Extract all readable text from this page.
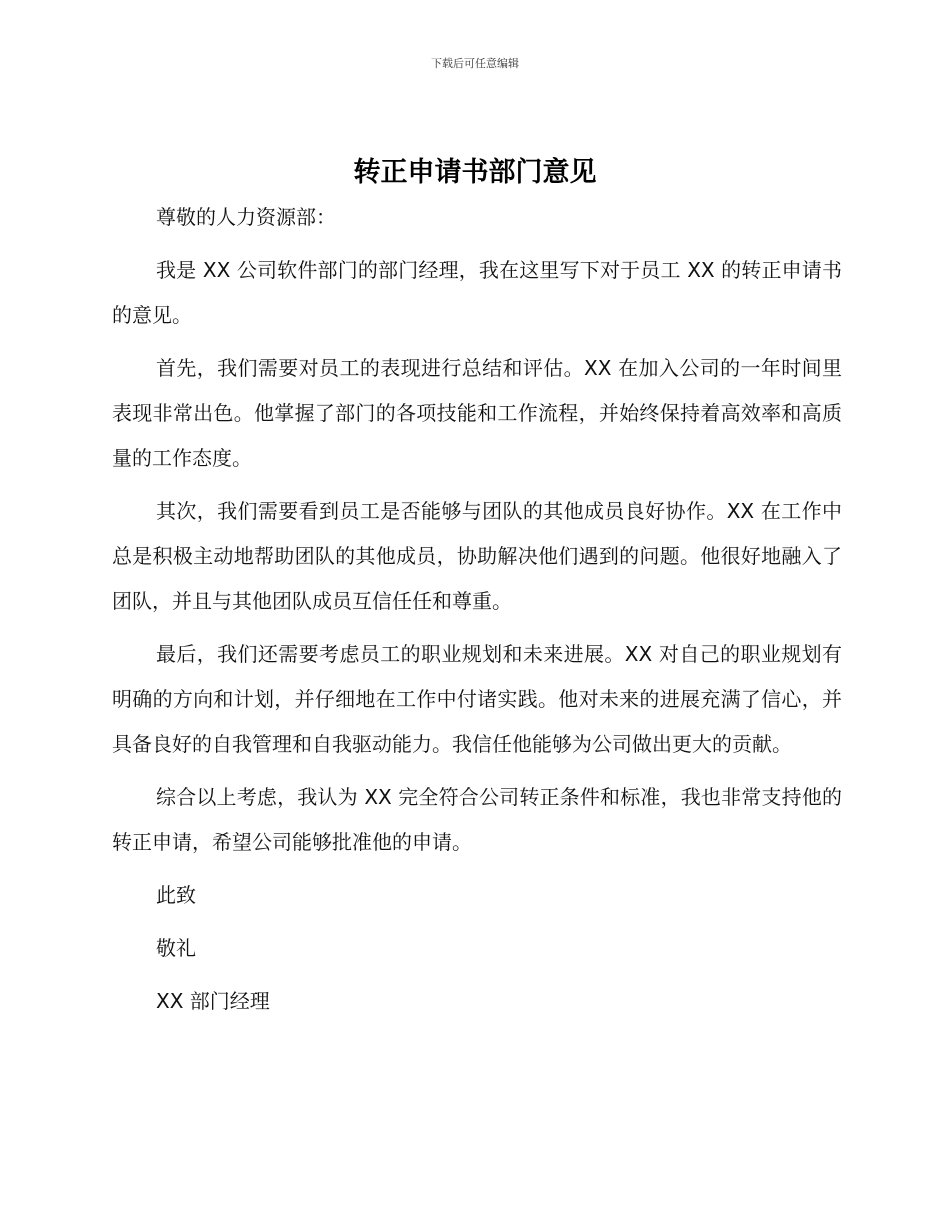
下载后可任意编辑
转正申请书部门意见

尊敬的人力资源部：

我是 XX 公司软件部门的部门经理，我在这里写下对于员工 XX 的转正申请书的意见。

首先，我们需要对员工的表现进行总结和评估。XX 在加入公司的一年时间里表现非常出色。他掌握了部门的各项技能和工作流程，并始终保持着高效率和高质量的工作态度。

其次，我们需要看到员工是否能够与团队的其他成员良好协作。XX 在工作中总是积极主动地帮助团队的其他成员，协助解决他们遇到的问题。他很好地融入了团队，并且与其他团队成员互信任任和尊重。

最后，我们还需要考虑员工的职业规划和未来进展。XX 对自己的职业规划有明确的方向和计划，并仔细地在工作中付诸实践。他对未来的进展充满了信心，并具备良好的自我管理和自我驱动能力。我信任他能够为公司做出更大的贡献。

综合以上考虑，我认为 XX 完全符合公司转正条件和标准，我也非常支持他的转正申请，希望公司能够批准他的申请。

此致

敬礼

XX 部门经理
